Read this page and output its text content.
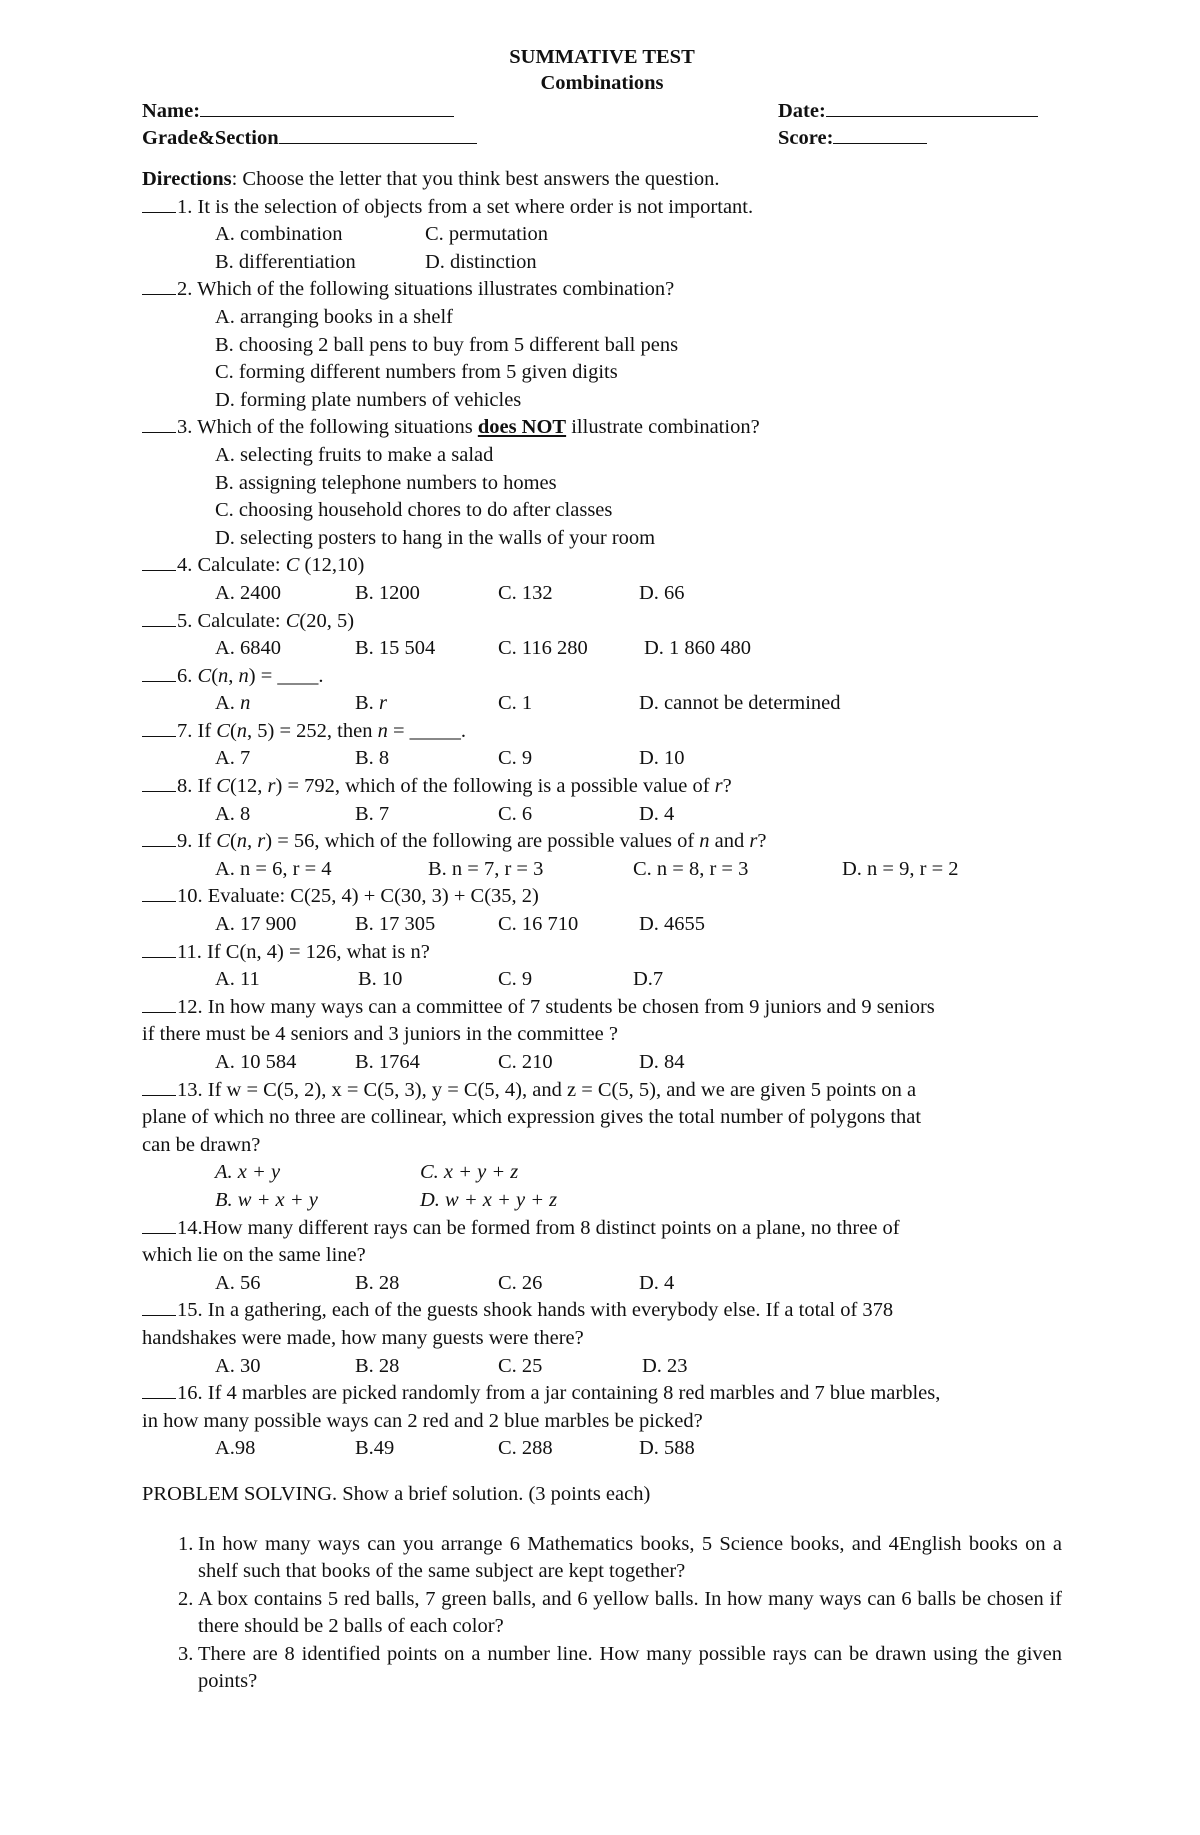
SUMMATIVE TEST
Combinations
Name:	Date:
Grade&Section	Score:
Directions: Choose the letter that you think best answers the question.
1. It is the selection of objects from a set where order is not important.
A. combination	C. permutation
B. differentiation	D. distinction
2. Which of the following situations illustrates combination?
A. arranging books in a shelf
B. choosing 2 ball pens to buy from 5 different ball pens
C. forming different numbers from 5 given digits
D. forming plate numbers of vehicles
3. Which of the following situations does NOT illustrate combination?
A. selecting fruits to make a salad
B. assigning telephone numbers to homes
C. choosing household chores to do after classes
D. selecting posters to hang in the walls of your room
4. Calculate: C (12,10)
A. 2400	B. 1200	C. 132	D. 66
5. Calculate: C(20, 5)
A. 6840	B. 15 504	C. 116 280	D. 1 860 480
6. C(n, n) = ____.
A. n	B. r	C. 1	D. cannot be determined
7. If C(n, 5) = 252, then n = _____.
A. 7	B. 8	C. 9	D. 10
8. If C(12, r) = 792, which of the following is a possible value of r?
A. 8	B. 7	C. 6	D. 4
9. If C(n, r) = 56, which of the following are possible values of n and r?
A. n = 6, r = 4	B. n = 7, r = 3	C. n = 8, r = 3	D. n = 9, r = 2
10. Evaluate: C(25, 4) + C(30, 3) + C(35, 2)
A. 17 900	B. 17 305	C. 16 710	D. 4655
11. If C(n, 4) = 126, what is n?
A. 11	B. 10	C. 9	D.7
12. In how many ways can a committee of 7 students be chosen from 9 juniors and 9 seniors
if there must be 4 seniors and 3 juniors in the committee ?
A. 10 584	B. 1764	C. 210	D. 84
13. If w = C(5, 2), x = C(5, 3), y = C(5, 4), and z = C(5, 5), and we are given 5 points on a
plane of which no three are collinear, which expression gives the total number of polygons that
can be drawn?
A. x + y	C. x + y + z
B. w + x + y	D. w + x + y + z
14.How many different rays can be formed from 8 distinct points on a plane, no three of
which lie on the same line?
A. 56	B. 28	C. 26	D. 4
15. In a gathering, each of the guests shook hands with everybody else. If a total of 378
handshakes were made, how many guests were there?
A. 30	B. 28	C. 25	D. 23
16. If 4 marbles are picked randomly from a jar containing 8 red marbles and 7 blue marbles,
in how many possible ways can 2 red and 2 blue marbles be picked?
A.98	B.49	C. 288	D. 588
PROBLEM SOLVING. Show a brief solution. (3 points each)
1. In how many ways can you arrange 6 Mathematics books, 5 Science books, and 4English books on a shelf such that books of the same subject are kept together?
2. A box contains 5 red balls, 7 green balls, and 6 yellow balls. In how many ways can 6 balls be chosen if there should be 2 balls of each color?
3. There are 8 identified points on a number line. How many possible rays can be drawn using the given points?
